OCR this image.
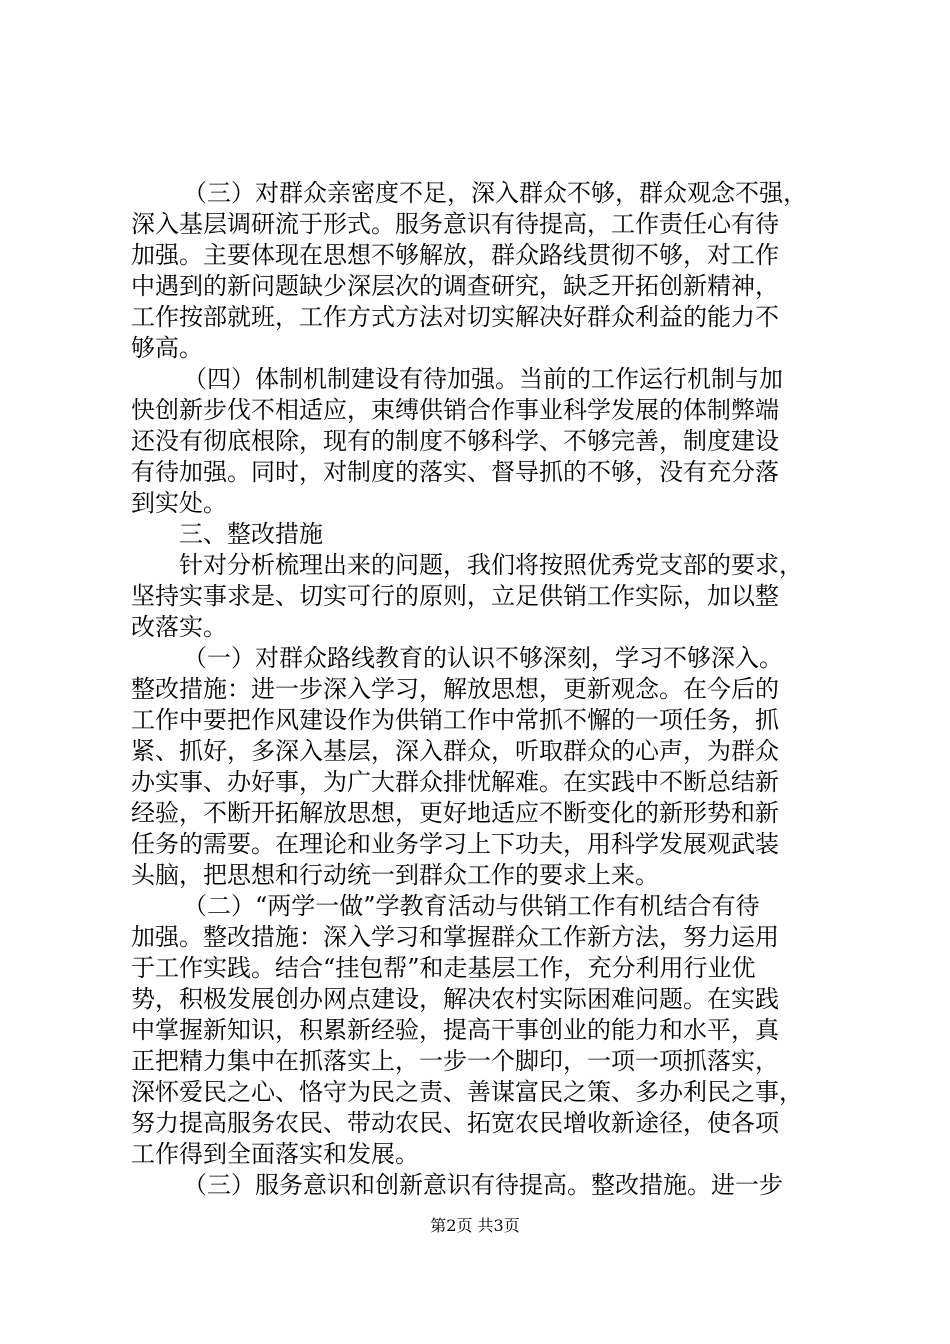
（三）对群众亲密度不足，深入群众不够，群众观念不强，

深入基层调研流于形式。服务意识有待提高，工作责任心有待

加强。主要体现在思想不够解放，群众路线贯彻不够，对工作

中遇到的新问题缺少深层次的调查研究，缺乏开拓创新精神，

工作按部就班，工作方式方法对切实解决好群众利益的能力不

够高。

（四）体制机制建设有待加强。当前的工作运行机制与加

快创新步伐不相适应，束缚供销合作事业科学发展的体制弊端

还没有彻底根除，现有的制度不够科学、不够完善，制度建设

有待加强。同时，对制度的落实、督导抓的不够，没有充分落

到实处。

三、整改措施

针对分析梳理出来的问题，我们将按照优秀党支部的要求，

坚持实事求是、切实可行的原则，立足供销工作实际，加以整

改落实。

（一）对群众路线教育的认识不够深刻，学习不够深入。

整改措施：进一步深入学习，解放思想，更新观念。在今后的

工作中要把作风建设作为供销工作中常抓不懈的一项任务，抓

紧、抓好，多深入基层，深入群众，听取群众的心声，为群众

办实事、办好事，为广大群众排忧解难。在实践中不断总结新

经验，不断开拓解放思想，更好地适应不断变化的新形势和新

任务的需要。在理论和业务学习上下功夫，用科学发展观武装

头脑，把思想和行动统一到群众工作的要求上来。

（二）“两学一做”学教育活动与供销工作有机结合有待

加强。整改措施：深入学习和掌握群众工作新方法，努力运用

于工作实践。结合“挂包帮”和走基层工作，充分利用行业优

势，积极发展创办网点建设，解决农村实际困难问题。在实践

中掌握新知识，积累新经验，提高干事创业的能力和水平，真

正把精力集中在抓落实上，一步一个脚印，一项一项抓落实，

深怀爱民之心、恪守为民之责、善谋富民之策、多办利民之事，

努力提高服务农民、带动农民、拓宽农民增收新途径，使各项

工作得到全面落实和发展。

（三）服务意识和创新意识有待提高。整改措施。进一步

第2页 共3页
